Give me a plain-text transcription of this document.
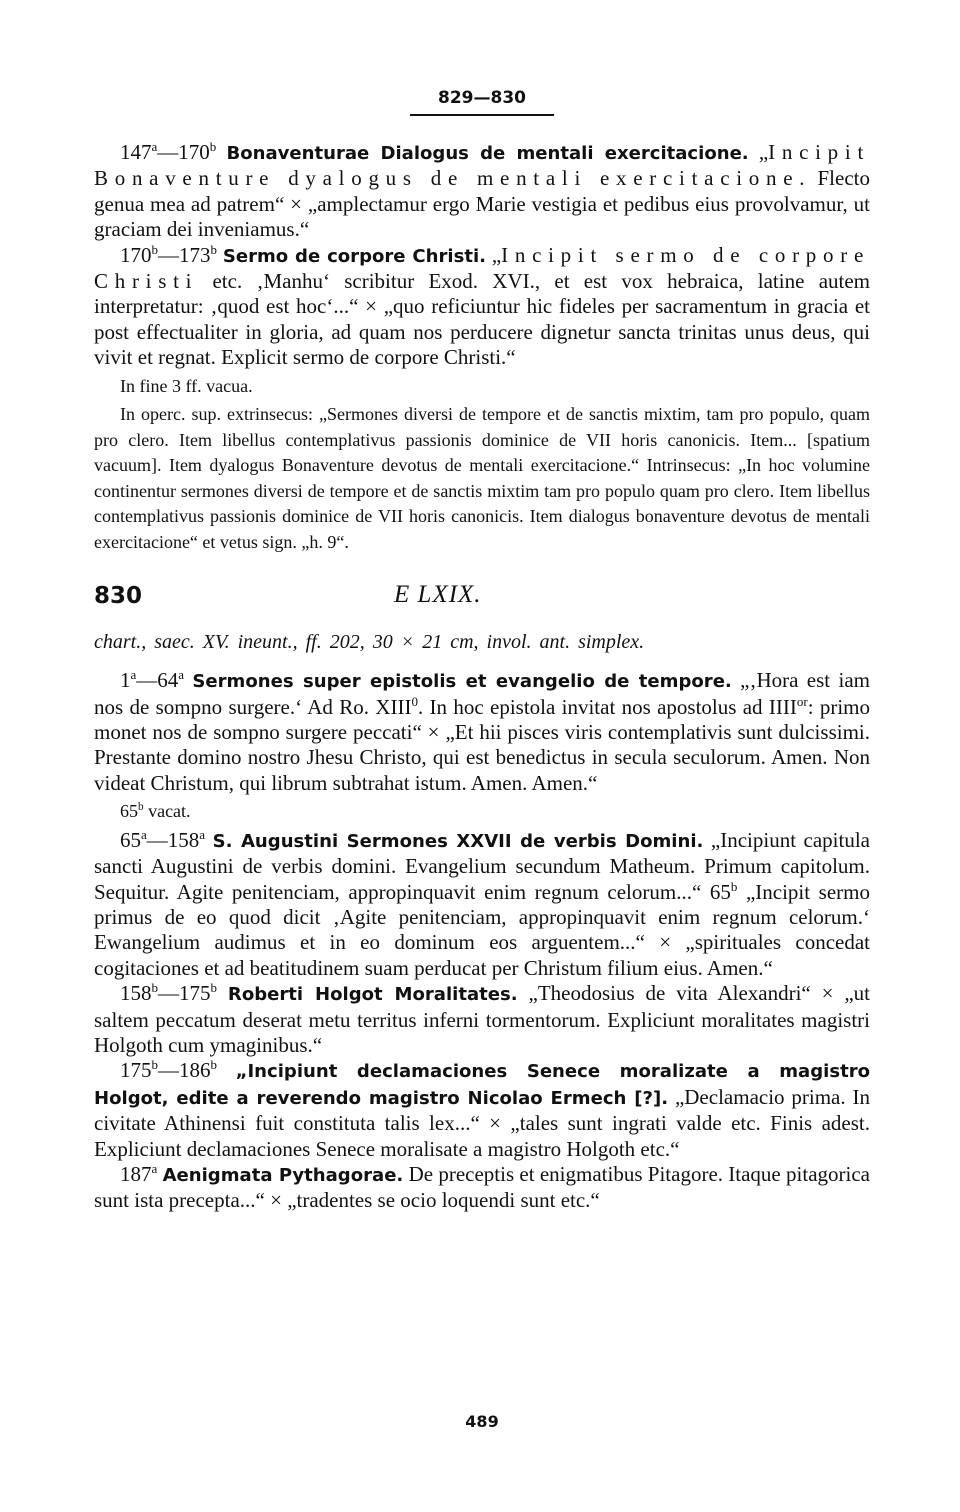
829—830

147$^a$—170$^b$ Bonaventurae Dialogus de mentali exercitacione. „Incipit Bonaventure dyalogus de mentali exercitacione. Flecto genua mea ad patrem“ × „amplectamur ergo Marie vestigia et pedibus eius provolvamur, ut graciam dei inveniamus.“

170$^b$—173$^b$ Sermo de corpore Christi. „Incipit sermo de corpore Christi etc. ‚Manhu‘ scribitur Exod. XVI., et est vox hebraica, latine autem interpretatur: ‚quod est hoc‘...“ × „quo reficiuntur hic fideles per sacramentum in gracia et post effectualiter in gloria, ad quam nos perducere dignetur sancta trinitas unus deus, qui vivit et regnat. Explicit sermo de corpore Christi.“

In fine 3 ff. vacua.

In operc. sup. extrinsecus: „Sermones diversi de tempore et de sanctis mixtim, tam pro populo, quam pro clero. Item libellus contemplativus passionis dominice de VII horis canonicis. Item... [spatium vacuum]. Item dyalogus Bonaventure devotus de mentali exercitacione.“ Intrinsecus: „In hoc volumine continentur sermones diversi de tempore et de sanctis mixtim tam pro populo quam pro clero. Item libellus contemplativus passionis dominice de VII horis canonicis. Item dialogus bonaventure devotus de mentali exercitacione“ et vetus sign. „h. 9“.

830	E LXIX.

chart., saec. XV. ineunt., ff. 202, 30 × 21 cm, invol. ant. simplex.

1$^a$—64$^a$ Sermones super epistolis et evangelio de tempore. „‚Hora est iam nos de sompno surgere.‘ Ad Ro. XIII$^0$. In hoc epistola invitat nos apostolus ad $IIII^{or}$: primo monet nos de sompno surgere peccati“ × „Et hii pisces viris contemplativis sunt dulcissimi. Prestante domino nostro Jhesu Christo, qui est benedictus in secula seculorum. Amen. Non videat Christum, qui librum subtrahat istum. Amen. Amen.“

65$^b$ vacat.

65$^a$—158$^a$ S. Augustini Sermones XXVII de verbis Domini. „Incipiunt capitula sancti Augustini de verbis domini. Evangelium secundum Matheum. Primum capitolum. Sequitur. Agite penitenciam, appropinquavit enim regnum celorum...“ 65$^b$ „Incipit sermo primus de eo quod dicit ‚Agite penitenciam, appropinquavit enim regnum celorum.‘ Ewangelium audimus et in eo dominum eos arguentem...“ × „spirituales concedat cogitaciones et ad beatitudinem suam perducat per Christum filium eius. Amen.“

158$^b$—175$^b$ Roberti Holgot Moralitates. „Theodosius de vita Alexandri“ × „ut saltem peccatum deserat metu territus inferni tormentorum. Expliciunt moralitates magistri Holgoth cum ymaginibus.“

175$^b$—186$^b$ „Incipiunt declamaciones Senece moralizate a magistro Holgot, edite a reverendo magistro Nicolao Ermech [?]. „Declamacio prima. In civitate Athinensi fuit constituta talis lex...“ × „tales sunt ingrati valde etc. Finis adest. Expliciunt declamaciones Senece moralisate a magistro Holgoth etc.“

187$^a$ Aenigmata Pythagorae. De preceptis et enigmatibus Pitagore. Itaque pitagorica sunt ista precepta...“ × „tradentes se ocio loquendi sunt etc.“

489
